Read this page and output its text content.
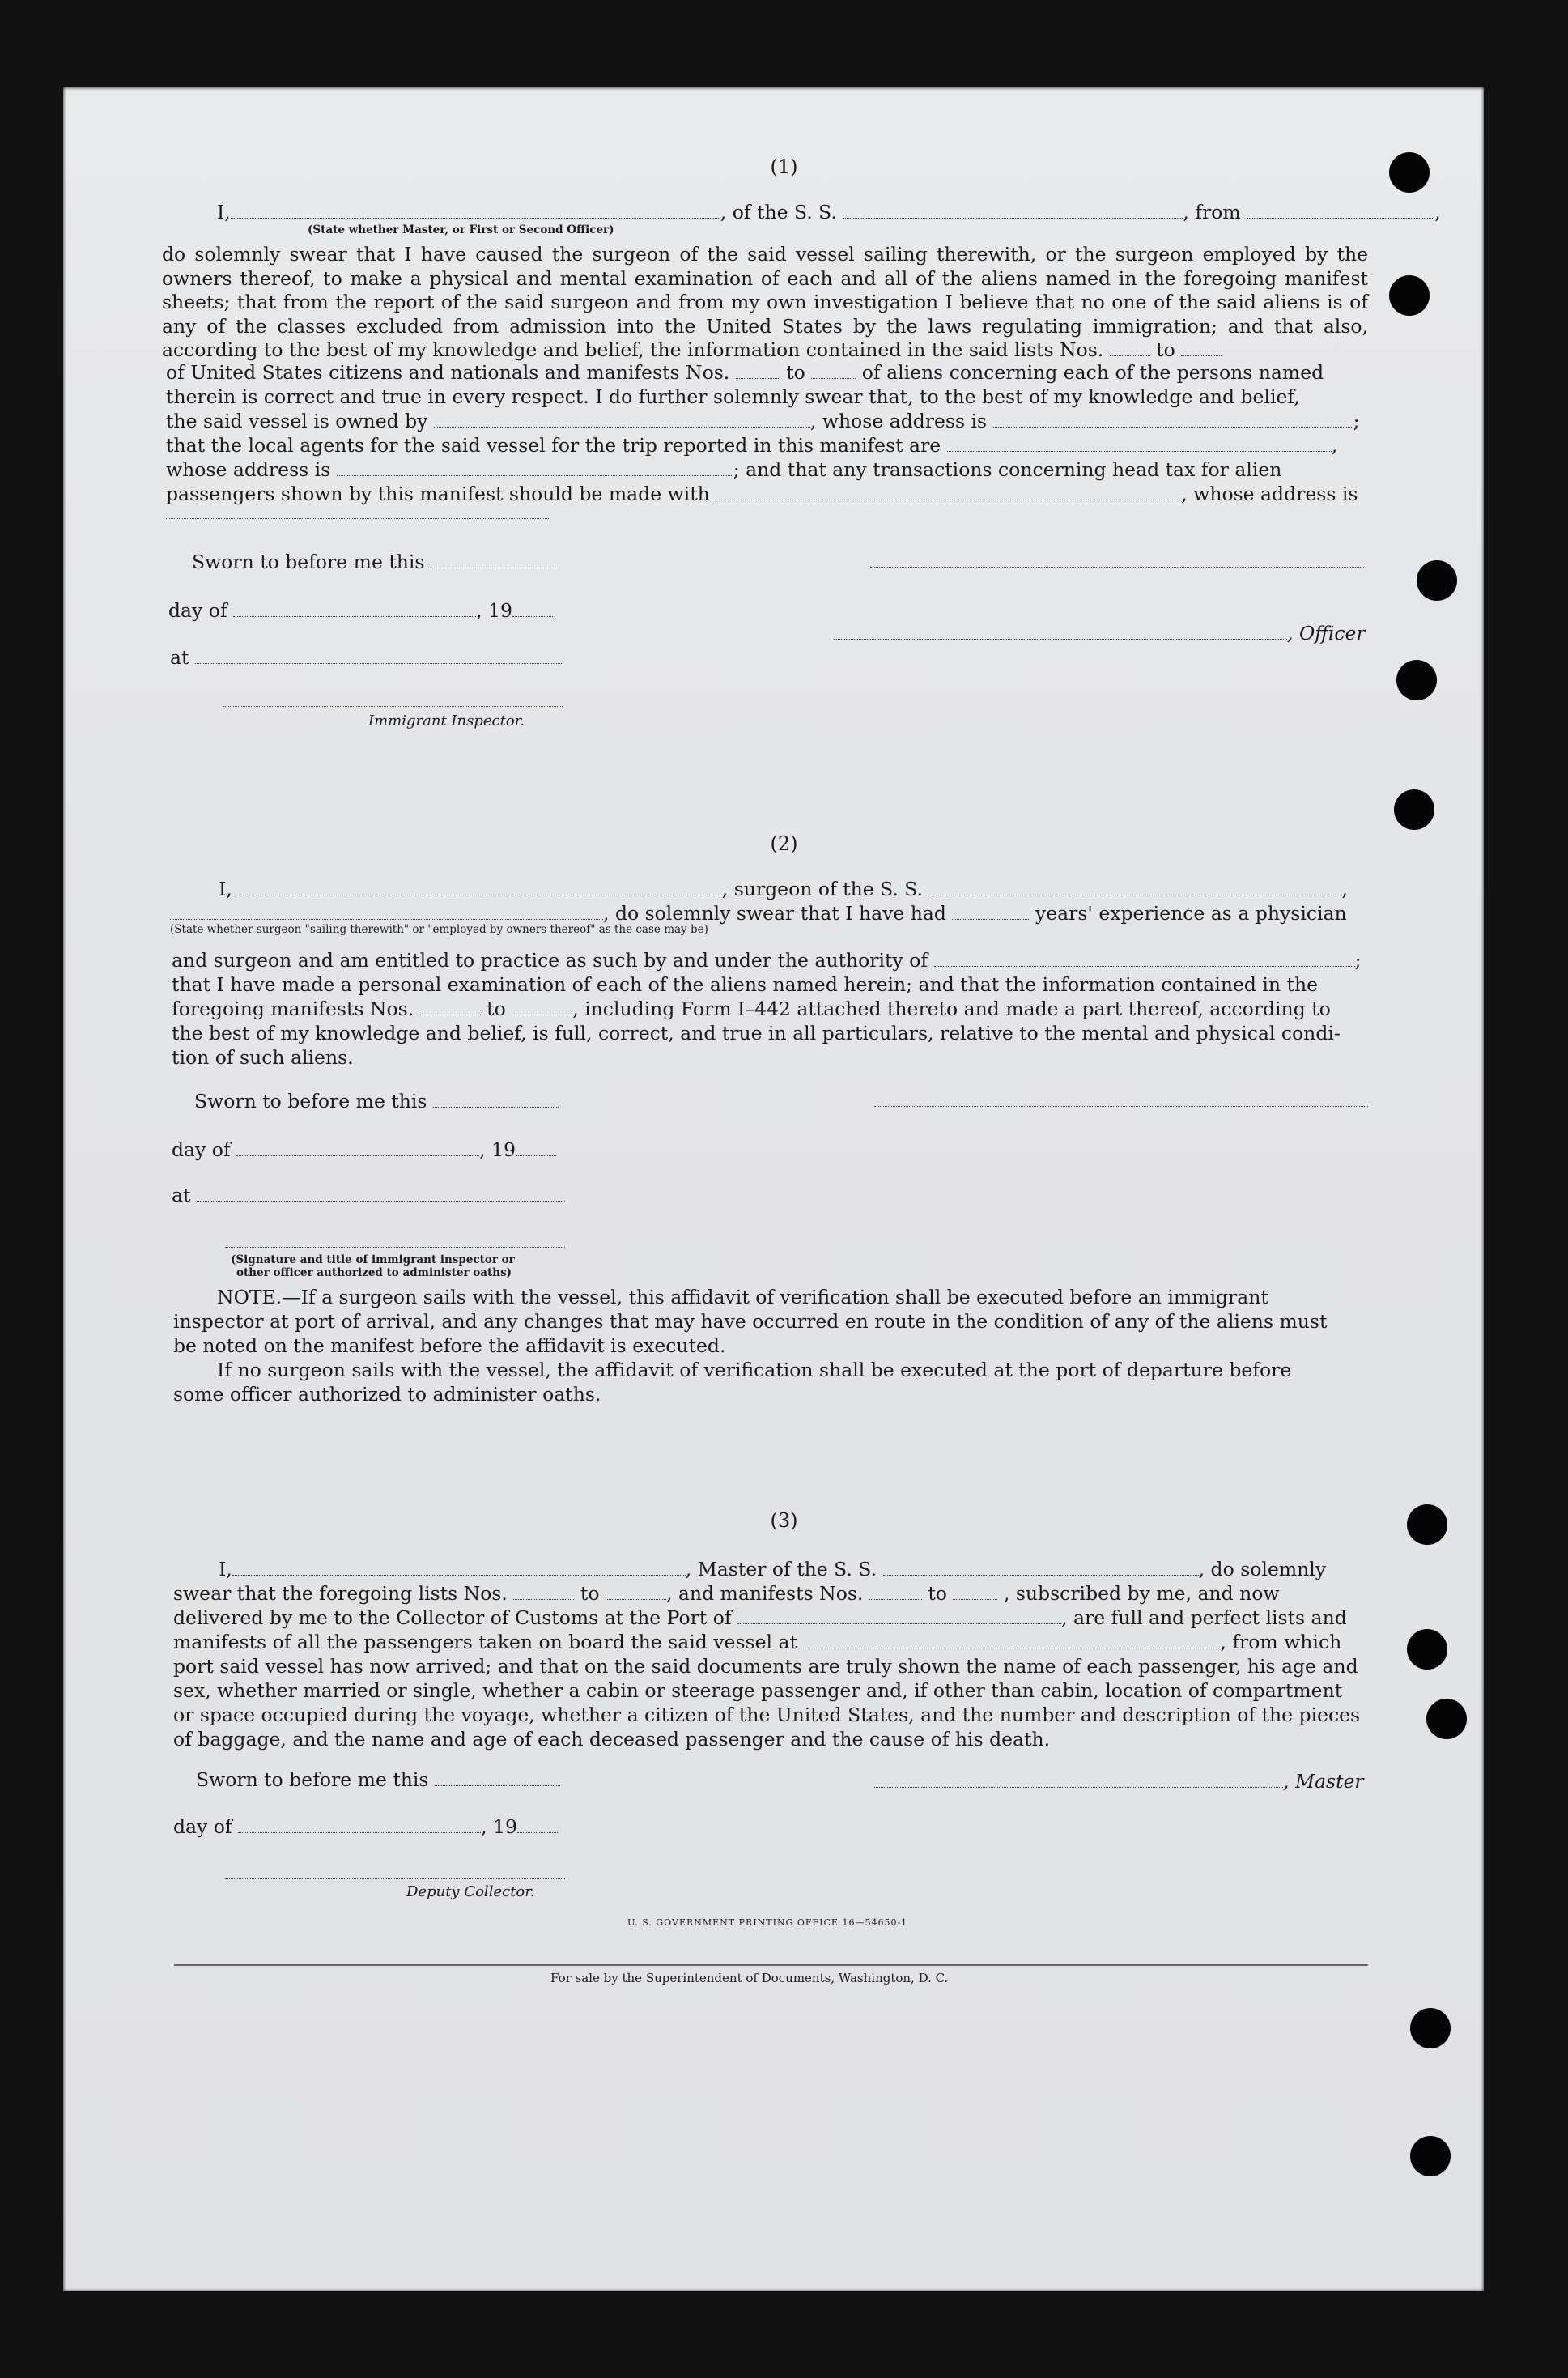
(1)
I,	, of the S. S.	, from	,
(State whether Master, or First or Second Officer)
do solemnly swear that I have caused the surgeon of the said vessel sailing therewith, or the surgeon employed by the owners thereof, to make a physical and mental examination of each and all of the aliens named in the foregoing manifest sheets; that from the report of the said surgeon and from my own investigation I believe that no one of the said aliens is of any of the classes excluded from admission into the United States by the laws regulating immigration; and that also, according to the best of my knowledge and belief, the information contained in the said lists Nos.	to
of United States citizens and nationals and manifests Nos.	to	of aliens concerning each of the persons named
therein is correct and true in every respect. I do further solemnly swear that, to the best of my knowledge and belief,
the said vessel is owned by	, whose address is	;
that the local agents for the said vessel for the trip reported in this manifest are	,
whose address is	; and that any transactions concerning head tax for alien
passengers shown by this manifest should be made with	, whose address is
Sworn to before me this
day of	, 19
at
Immigrant Inspector.
, Officer
(2)
I,	, surgeon of the S. S.	,
, do solemnly swear that I have had	years' experience as a physician
(State whether surgeon "sailing therewith" or "employed by owners thereof" as the case may be)
and surgeon and am entitled to practice as such by and under the authority of	;
that I have made a personal examination of each of the aliens named herein; and that the information contained in the
foregoing manifests Nos.	to	, including Form I–442 attached thereto and made a part thereof, according to
the best of my knowledge and belief, is full, correct, and true in all particulars, relative to the mental and physical condi-
tion of such aliens.
Sworn to before me this
day of	, 19
at
(Signature and title of immigrant inspector or
other officer authorized to administer oaths)
NOTE.—If a surgeon sails with the vessel, this affidavit of verification shall be executed before an immigrant
inspector at port of arrival, and any changes that may have occurred en route in the condition of any of the aliens must
be noted on the manifest before the affidavit is executed.
If no surgeon sails with the vessel, the affidavit of verification shall be executed at the port of departure before
some officer authorized to administer oaths.
(3)
I,	, Master of the S. S.	, do solemnly
swear that the foregoing lists Nos.	to	, and manifests Nos.	to	, subscribed by me, and now
delivered by me to the Collector of Customs at the Port of	, are full and perfect lists and
manifests of all the passengers taken on board the said vessel at	, from which
port said vessel has now arrived; and that on the said documents are truly shown the name of each passenger, his age and
sex, whether married or single, whether a cabin or steerage passenger and, if other than cabin, location of compartment
or space occupied during the voyage, whether a citizen of the United States, and the number and description of the pieces
of baggage, and the name and age of each deceased passenger and the cause of his death.
Sworn to before me this	, Master
day of	, 19
Deputy Collector.
U. S. GOVERNMENT PRINTING OFFICE 16—54650-1
For sale by the Superintendent of Documents, Washington, D. C.
